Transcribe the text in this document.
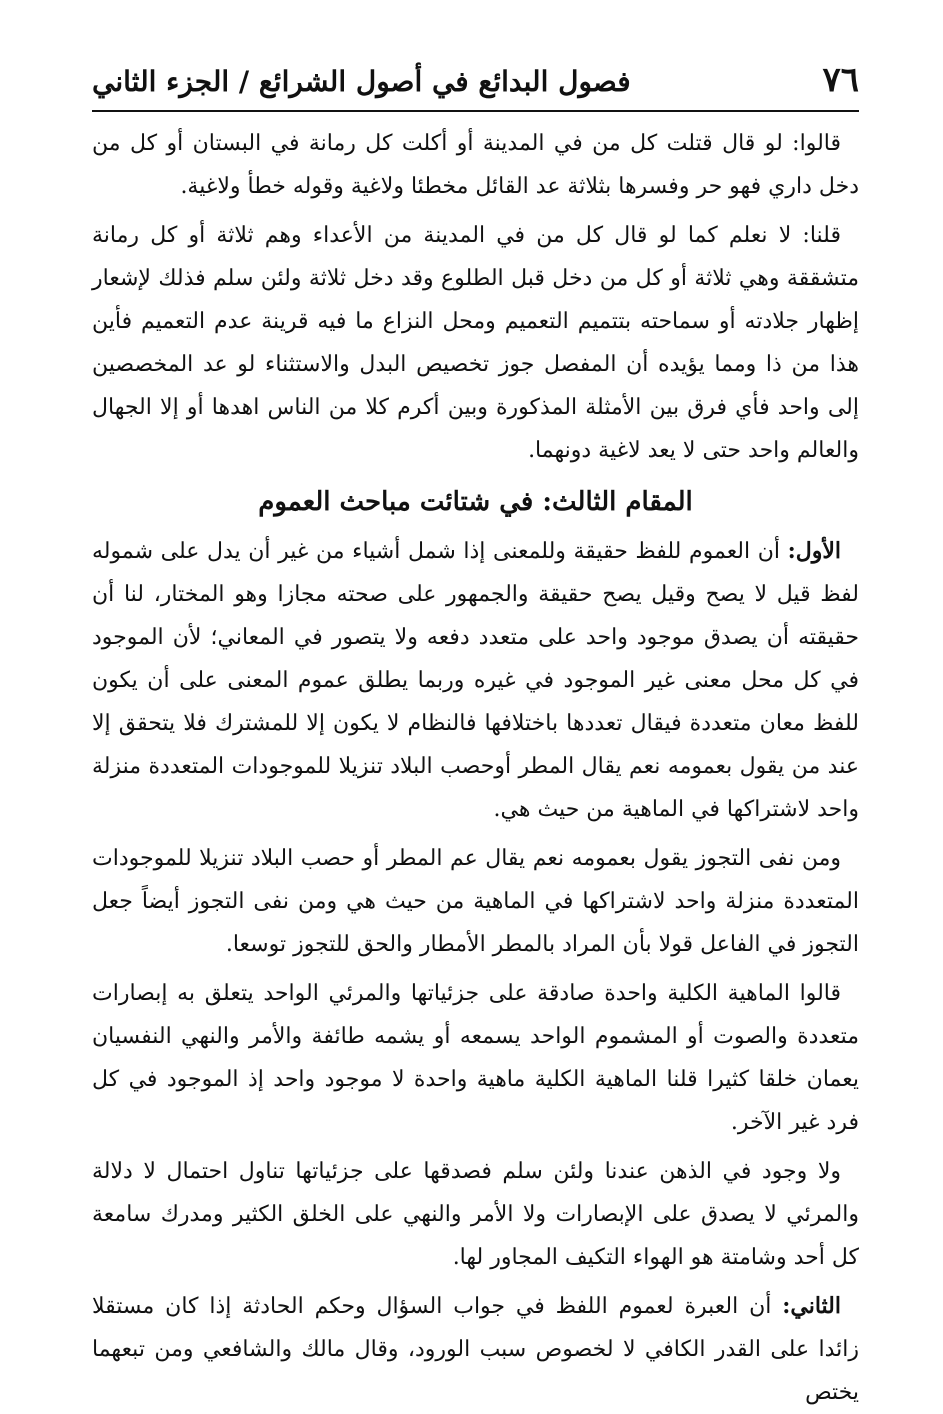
٧٦
فصول البدائع في أصول الشرائع / الجزء الثاني

قالوا: لو قال قتلت كل من في المدينة أو أكلت كل رمانة في البستان أو كل من دخل داري فهو حر وفسرها بثلاثة عد القائل مخطئا ولاغية وقوله خطأ ولاغية.

قلنا: لا نعلم كما لو قال كل من في المدينة من الأعداء وهم ثلاثة أو كل رمانة متشققة وهي ثلاثة أو كل من دخل قبل الطلوع وقد دخل ثلاثة ولئن سلم فذلك لإشعار إظهار جلادته أو سماحته بتتميم التعميم ومحل النزاع ما فيه قرينة عدم التعميم فأين هذا من ذا ومما يؤيده أن المفصل جوز تخصيص البدل والاستثناء لو عد المخصصين إلى واحد فأي فرق بين الأمثلة المذكورة وبين أكرم كلا من الناس اهدها أو إلا الجهال والعالم واحد حتى لا يعد لاغية دونهما.

المقام الثالث: في شتائت مباحث العموم

الأول: أن العموم للفظ حقيقة وللمعنى إذا شمل أشياء من غير أن يدل على شموله لفظ قيل لا يصح وقيل يصح حقيقة والجمهور على صحته مجازا وهو المختار، لنا أن حقيقته أن يصدق موجود واحد على متعدد دفعه ولا يتصور في المعاني؛ لأن الموجود في كل محل معنى غير الموجود في غيره وربما يطلق عموم المعنى على أن يكون للفظ معان متعددة فيقال تعددها باختلافها فالنظام لا يكون إلا للمشترك فلا يتحقق إلا عند من يقول بعمومه نعم يقال المطر أوحصب البلاد تنزيلا للموجودات المتعددة منزلة واحد لاشتراكها في الماهية من حيث هي.

ومن نفى التجوز يقول بعمومه نعم يقال عم المطر أو حصب البلاد تنزيلا للموجودات المتعددة منزلة واحد لاشتراكها في الماهية من حيث هي ومن نفى التجوز أيضاً جعل التجوز في الفاعل قولا بأن المراد بالمطر الأمطار والحق للتجوز توسعا.

قالوا الماهية الكلية واحدة صادقة على جزئياتها والمرئي الواحد يتعلق به إبصارات متعددة والصوت أو المشموم الواحد يسمعه أو يشمه طائفة والأمر والنهي النفسيان يعمان خلقا كثيرا قلنا الماهية الكلية ماهية واحدة لا موجود واحد إذ الموجود في كل فرد غير الآخر.

ولا وجود في الذهن عندنا ولئن سلم فصدقها على جزئياتها تناول احتمال لا دلالة والمرئي لا يصدق على الإبصارات ولا الأمر والنهي على الخلق الكثير ومدرك سامعة كل أحد وشامتة هو الهواء التكيف المجاور لها.

الثاني: أن العبرة لعموم اللفظ في جواب السؤال وحكم الحادثة إذا كان مستقلا زائدا على القدر الكافي لا لخصوص سبب الورود، وقال مالك والشافعي ومن تبعهما يختص
